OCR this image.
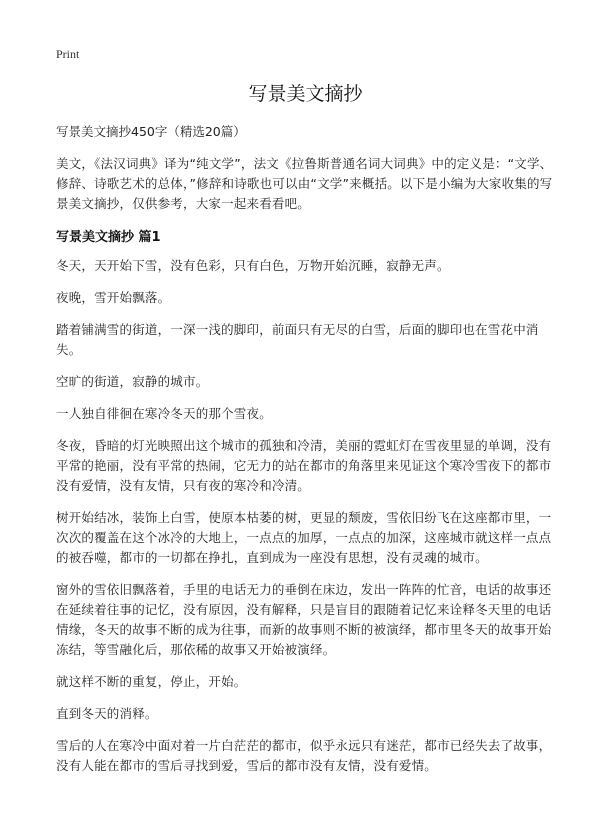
Print
写景美文摘抄

写景美文摘抄450字（精选20篇）

美文，《法汉词典》译为“纯文学”，法文《拉鲁斯普通名词大词典》中的定义是：“文学、修辞、诗歌艺术的总体，”修辞和诗歌也可以由“文学”来概括。以下是小编为大家收集的写景美文摘抄，仅供参考，大家一起来看看吧。

写景美文摘抄 篇1

冬天，天开始下雪，没有色彩，只有白色，万物开始沉睡，寂静无声。

夜晚，雪开始飘落。

踏着铺满雪的街道，一深一浅的脚印，前面只有无尽的白雪，后面的脚印也在雪花中消失。

空旷的街道，寂静的城市。

一人独自徘徊在寒冷冬天的那个雪夜。

冬夜，昏暗的灯光映照出这个城市的孤独和冷清，美丽的霓虹灯在雪夜里显的单调，没有平常的艳丽，没有平常的热闹，它无力的站在都市的角落里来见证这个寒冷雪夜下的都市没有爱情，没有友情，只有夜的寒冷和冷清。

树开始结冰，装饰上白雪，使原本枯萎的树，更显的颓废，雪依旧纷飞在这座都市里，一次次的覆盖在这个冰冷的大地上，一点点的加厚，一点点的加深，这座城市就这样一点点的被吞噬，都市的一切都在挣扎，直到成为一座没有思想，没有灵魂的城市。

窗外的雪依旧飘落着，手里的电话无力的垂倒在床边，发出一阵阵的忙音，电话的故事还在延续着往事的记忆，没有原因，没有解释，只是盲目的跟随着记忆来诠释冬天里的电话情缘，冬天的故事不断的成为往事，而新的故事则不断的被演绎，都市里冬天的故事开始冻结，等雪融化后，那依稀的故事又开始被演绎。

就这样不断的重复，停止，开始。

直到冬天的消释。

雪后的人在寒冷中面对着一片白茫茫的都市，似乎永远只有迷茫，都市已经失去了故事，没有人能在都市的雪后寻找到爱，雪后的都市没有友情，没有爱情。
